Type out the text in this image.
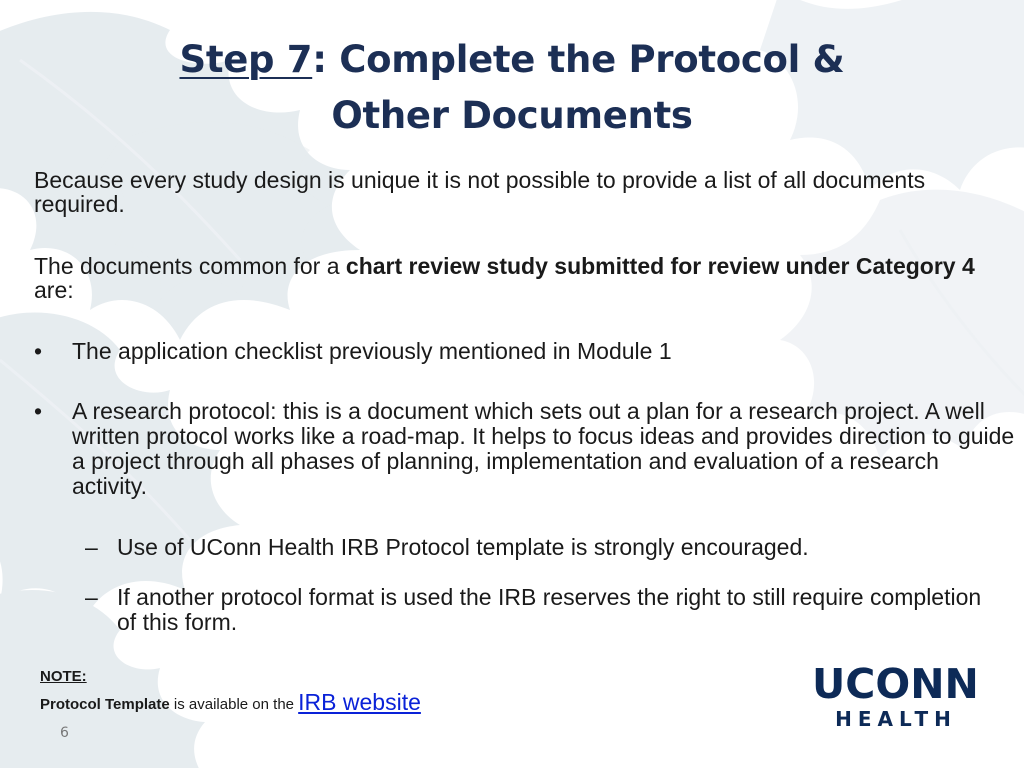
Step 7: Complete the Protocol & Other Documents

Because every study design is unique it is not possible to provide a list of all documents required.

The documents common for a chart review study submitted for review under Category 4 are:

• The application checklist previously mentioned in Module 1
• A research protocol: this is a document which sets out a plan for a research project. A well written protocol works like a road-map. It helps to focus ideas and provides direction to guide a project through all phases of planning, implementation and evaluation of a research activity.
– Use of UConn Health IRB Protocol template is strongly encouraged.
– If another protocol format is used the IRB reserves the right to still require completion of this form.
NOTE:
Protocol Template is available on the IRB website
6
UCONN
HEALTH
